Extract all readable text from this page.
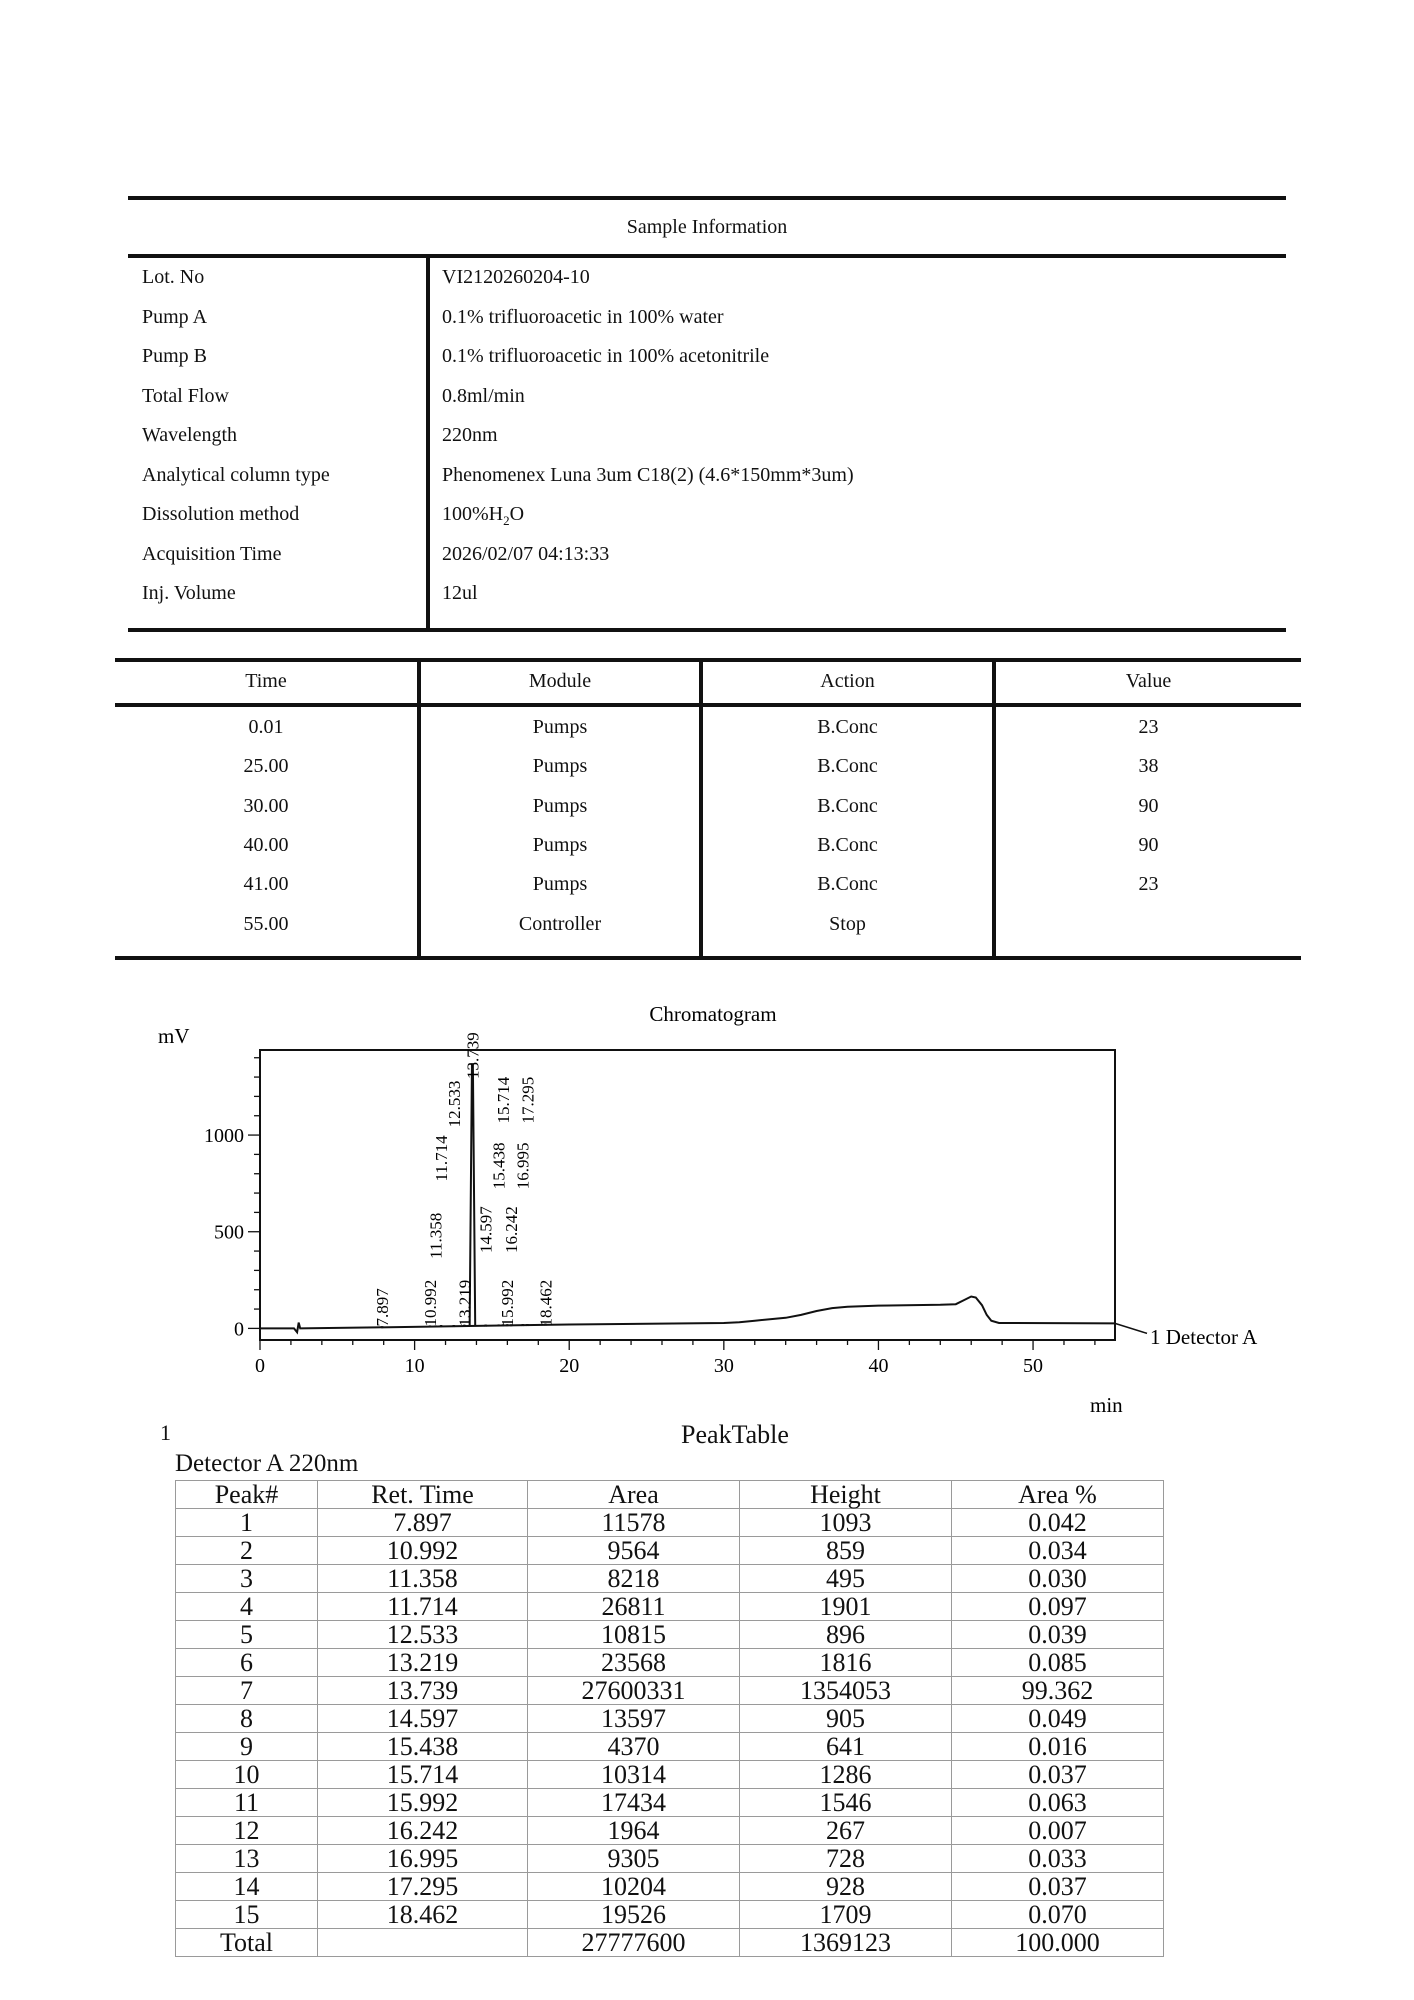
Sample Information
Lot. No	VI2120260204-10
Pump A	0.1% trifluoroacetic in 100% water
Pump B	0.1% trifluoroacetic in 100% acetonitrile
Total Flow	0.8ml/min
Wavelength	220nm
Analytical column type	Phenomenex Luna 3um C18(2) (4.6*150mm*3um)
Dissolution method	$100\%H_2O$
Acquisition Time	2026/02/07 04:13:33
Inj. Volume	12ul
Time	Module	Action	Value
0.01	Pumps	B.Conc	23
25.00	Pumps	B.Conc	38
30.00	Pumps	B.Conc	90
40.00	Pumps	B.Conc	90
41.00	Pumps	B.Conc	23
55.00	Controller	Stop
Chromatogram
mV
min
1 Detector A
0	10	20	30	40	50
0
500
1000
7.897 10.992
11.358
11.714
12.533
13.219
13.739
14.597
15.438
15.714
15.992
16.242
16.995
17.295
18.462
1	PeakTable
Detector A 220nm
Peak#	Ret. Time	Area	Height	Area %
1	7.897	11578	1093	0.042
2	10.992	9564	859	0.034
3	11.358	8218	495	0.030
4	11.714	26811	1901	0.097
5	12.533	10815	896	0.039
6	13.219	23568	1816	0.085
7	13.739	27600331	1354053	99.362
8	14.597	13597	905	0.049
9	15.438	4370	641	0.016
10	15.714	10314	1286	0.037
11	15.992	17434	1546	0.063
12	16.242	1964	267	0.007
13	16.995	9305	728	0.033
14	17.295	10204	928	0.037
15	18.462	19526	1709	0.070
Total		27777600	1369123	100.000
